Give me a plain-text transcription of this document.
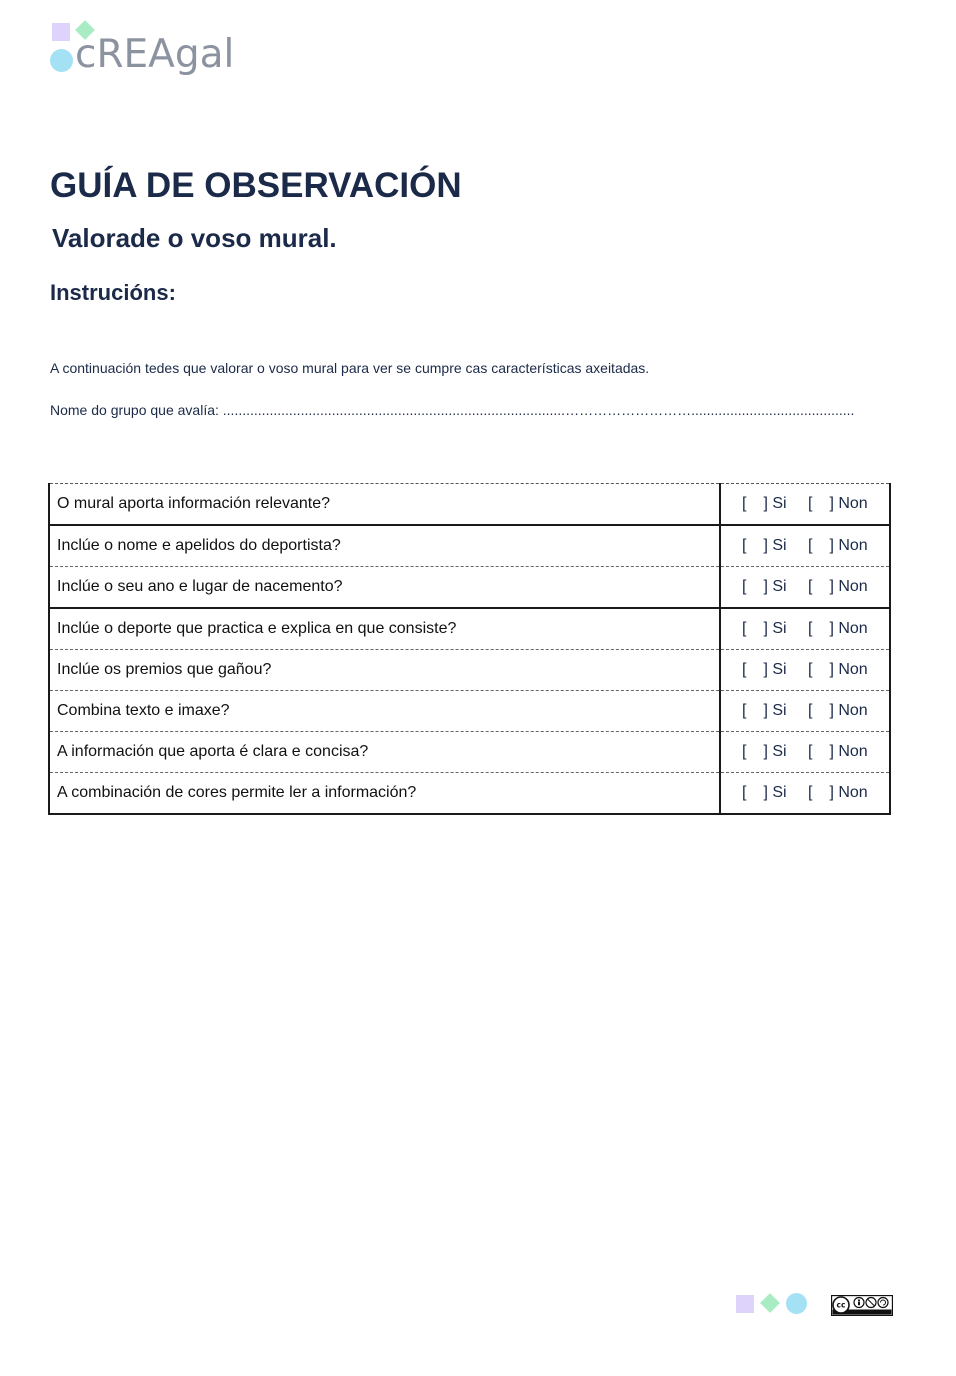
cREAgal
GUÍA DE OBSERVACIÓN
Valorade o voso mural.
Instrucións:
A continuación tedes que valorar o voso mural para ver se cumpre cas características axeitadas.
Nome do grupo que avalía: ........................................................................................………………………..........................................
O mural aporta información relevante?	[ ] Si [ ] Non
Inclúe o nome e apelidos do deportista?	[ ] Si [ ] Non
Inclúe o seu ano e lugar de nacemento?	[ ] Si [ ] Non
Inclúe o deporte que practica e explica en que consiste?	[ ] Si [ ] Non
Inclúe os premios que gañou?	[ ] Si [ ] Non
Combina texto e imaxe?	[ ] Si [ ] Non
A información que aporta é clara e concisa?	[ ] Si [ ] Non
A combinación de cores permite ler a información?	[ ] Si [ ] Non
cc
